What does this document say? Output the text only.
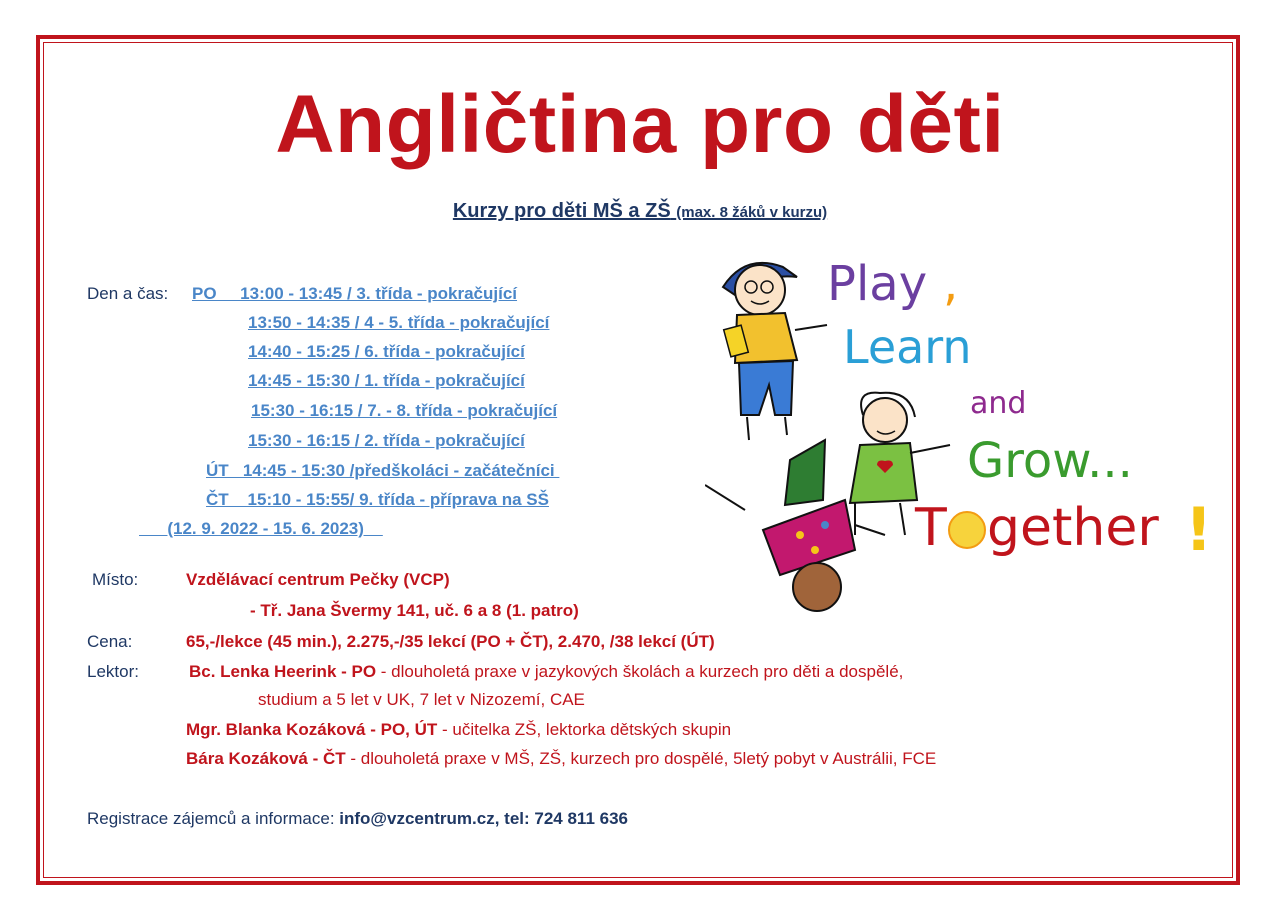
Angličtina pro děti
Kurzy pro děti MŠ a ZŠ (max. 8 žáků v kurzu)
Den a čas: PO     13:00 - 13:45 / 3. třída - pokračující
13:50 - 14:35 / 4 - 5. třída - pokračující
14:40 - 15:25 / 6. třída - pokračující
14:45 - 15:30 / 1. třída - pokračující
15:30 - 16:15 / 7. - 8. třída - pokračující
15:30 - 16:15 / 2. třída - pokračující
ÚT   14:45 - 15:30 /předškoláci - začátečníci
ČT    15:10 - 15:55/ 9. třída - příprava na SŠ
(12. 9. 2022 - 15. 6. 2023)
Místo:	Vzdělávací centrum Pečky (VCP)
- Tř. Jana Švermy 141, uč. 6 a 8 (1. patro)
Cena:	65,-/lekce (45 min.), 2.275,-/35 lekcí (PO + ČT), 2.470, /38 lekcí (ÚT)
Lektor:	Bc. Lenka Heerink - PO - dlouholetá praxe v jazykových školách a kurzech pro děti a dospělé,
studium a 5 let v UK, 7 let v Nizozemí, CAE
Mgr. Blanka Kozáková - PO, ÚT - učitelka ZŠ, lektorka dětských skupin
Bára Kozáková - ČT - dlouholetá praxe v MŠ, ZŠ, kurzech pro dospělé, 5letý pobyt v Austrálii, FCE
Registrace zájemců a informace: info@vzcentrum.cz, tel: 724 811 636
Play ,
Learn
and
Grow...
T gether !
